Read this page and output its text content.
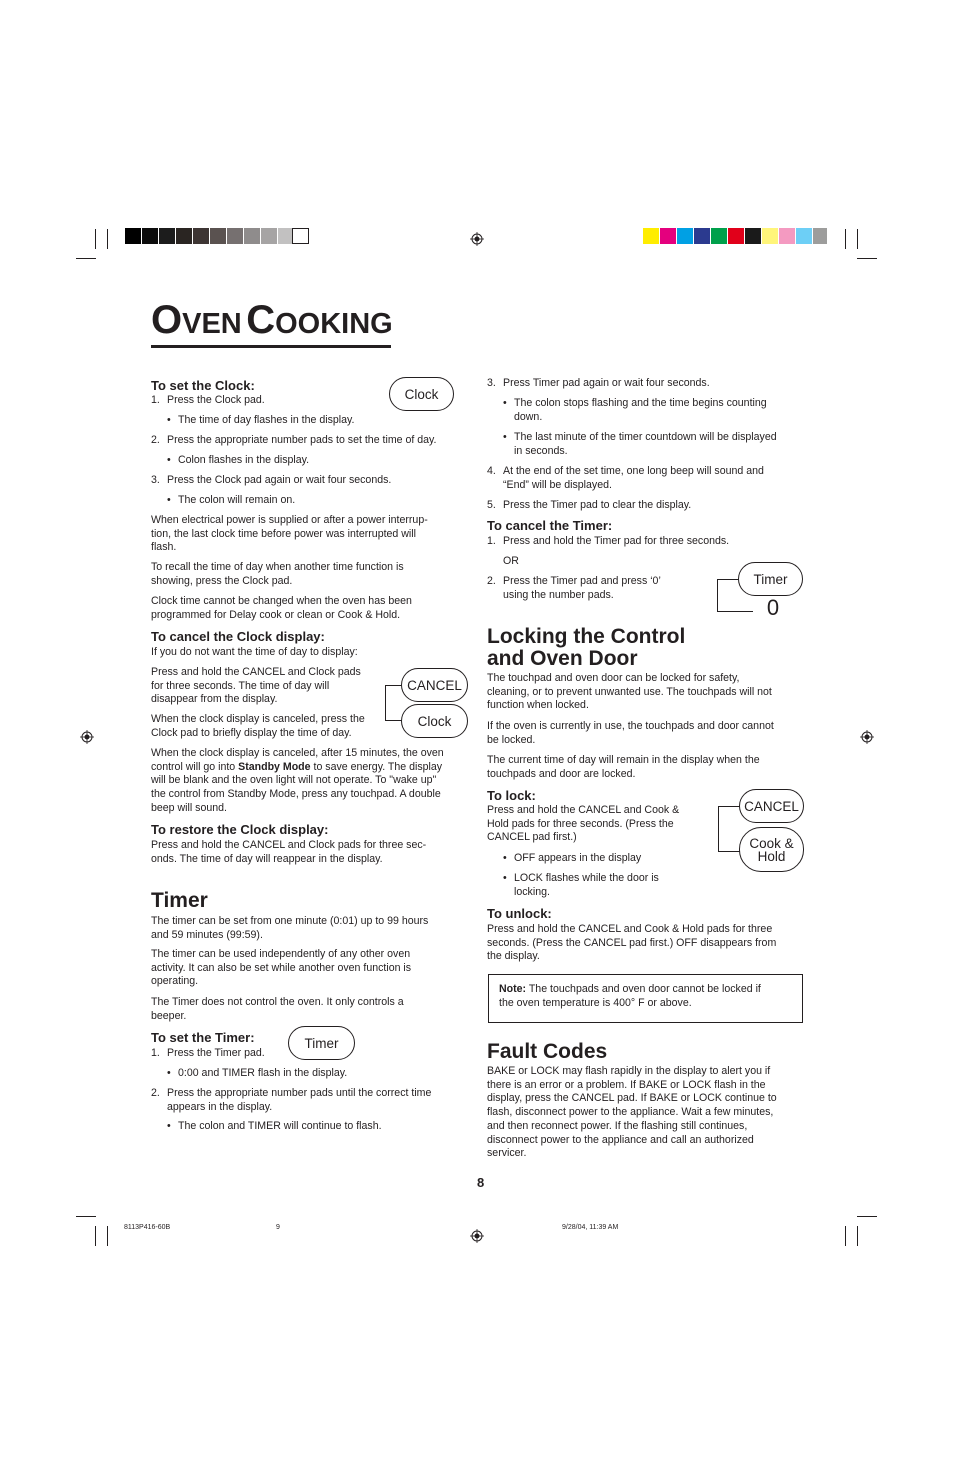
OVEN COOKING
To set the Clock:
Clock
1. Press the Clock pad.
• The time of day flashes in the display.
2. Press the appropriate number pads to set the time of day.
• Colon flashes in the display.
3. Press the Clock pad again or wait four seconds.
• The colon will remain on.
When electrical power is supplied or after a power interrup-
tion, the last clock time before power was interrupted will
flash.
To recall the time of day when another time function is
showing, press the Clock pad.
Clock time cannot be changed when the oven has been
programmed for Delay cook or clean or Cook & Hold.
To cancel the Clock display:
If you do not want the time of day to display:
Press and hold the CANCEL and Clock pads
for three seconds. The time of day will
disappear from the display.
When the clock display is canceled, press the
Clock pad to briefly display the time of day.
CANCEL
Clock
When the clock display is canceled, after 15 minutes, the oven
control will go into Standby Mode to save energy. The display
will be blank and the oven light will not operate. To "wake up"
the control from Standby Mode, press any touchpad. A double
beep will sound.
To restore the Clock display:
Press and hold the CANCEL and Clock pads for three sec-
onds. The time of day will reappear in the display.
Timer
The timer can be set from one minute (0:01) up to 99 hours
and 59 minutes (99:59).
The timer can be used independently of any other oven
activity. It can also be set while another oven function is
operating.
The Timer does not control the oven. It only controls a
beeper.
To set the Timer:	Timer
1. Press the Timer pad.
• 0:00 and TIMER flash in the display.
2. Press the appropriate number pads until the correct time
appears in the display.
• The colon and TIMER will continue to flash.
3. Press Timer pad again or wait four seconds.
• The colon stops flashing and the time begins counting
down.
• The last minute of the timer countdown will be displayed
in seconds.
4. At the end of the set time, one long beep will sound and
“End” will be displayed.
5. Press the Timer pad to clear the display.
To cancel the Timer:
1. Press and hold the Timer pad for three seconds.
OR
2. Press the Timer pad and press ‘0’
using the number pads.
Timer
0
Locking the Control
and Oven Door
The touchpad and oven door can be locked for safety,
cleaning, or to prevent unwanted use. The touchpads will not
function when locked.
If the oven is currently in use, the touchpads and door cannot
be locked.
The current time of day will remain in the display when the
touchpads and door are locked.
To lock:
Press and hold the CANCEL and Cook &
Hold pads for three seconds. (Press the
CANCEL pad first.)
• OFF appears in the display
• LOCK flashes while the door is
locking.
CANCEL
Cook &
Hold
To unlock:
Press and hold the CANCEL and Cook & Hold pads for three
seconds. (Press the CANCEL pad first.) OFF disappears from
the display.
Note: The touchpads and oven door cannot be locked if
the oven temperature is 400° F or above.
Fault Codes
BAKE or LOCK may flash rapidly in the display to alert you if
there is an error or a problem. If BAKE or LOCK flash in the
display, press the CANCEL pad. If BAKE or LOCK continue to
flash, disconnect power to the appliance. Wait a few minutes,
and then reconnect power. If the flashing still continues,
disconnect power to the appliance and call an authorized
servicer.
8
8113P416-60B	9	9/28/04, 11:39 AM
